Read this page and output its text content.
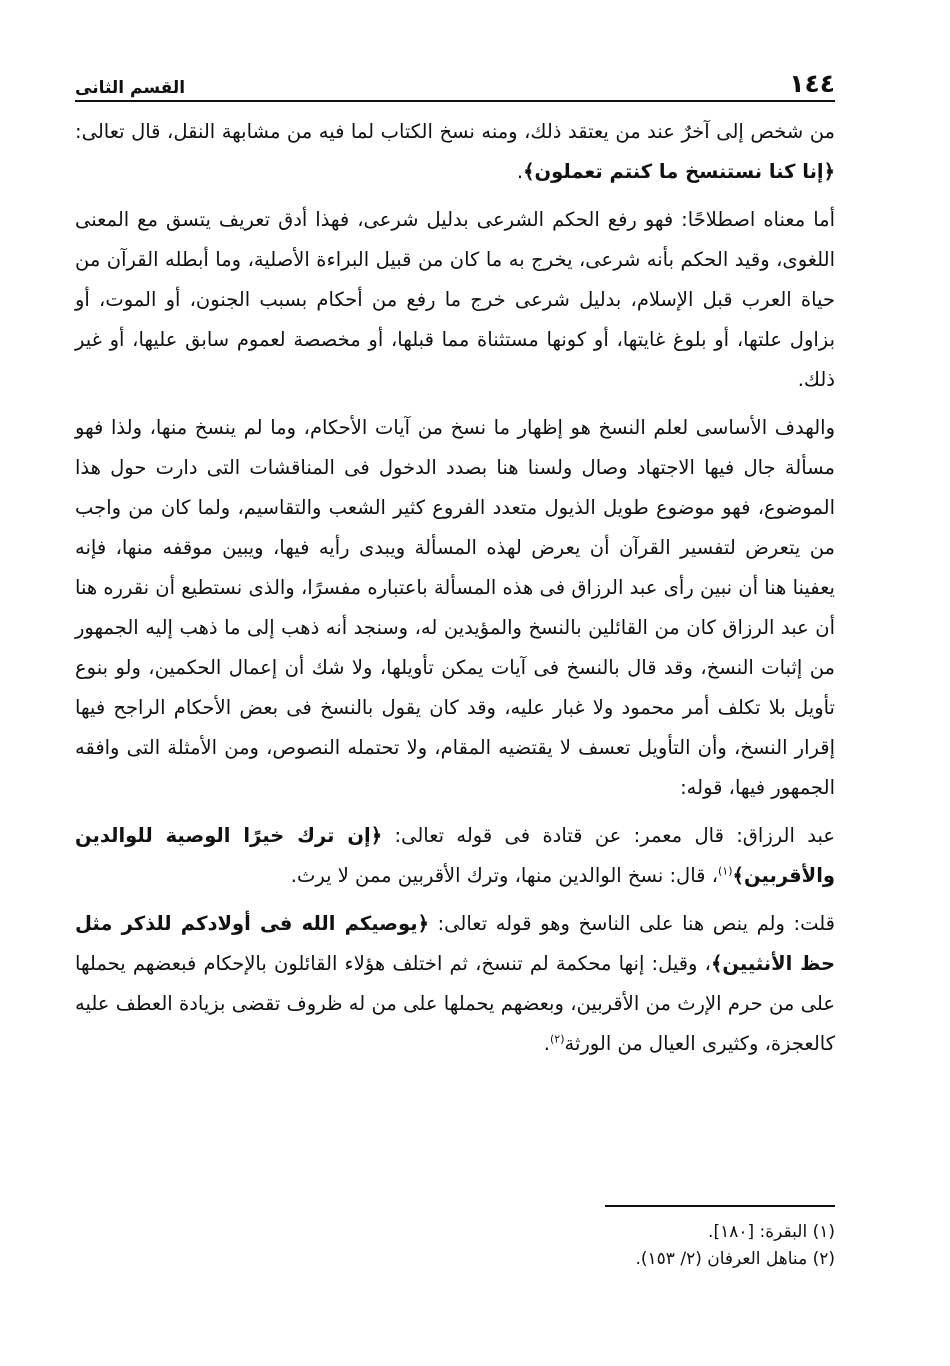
١٤٤
القسم الثانى

من شخص إلى آخرٌ عند من يعتقد ذلك، ومنه نسخ الكتاب لما فيه من مشابهة النقل، قال تعالى: ﴿إنا كنا نستنسخ ما كنتم تعملون﴾.

أما معناه اصطلاحًا: فهو رفع الحكم الشرعى بدليل شرعى، فهذا أدق تعريف يتسق مع المعنى اللغوى، وقيد الحكم بأنه شرعى، يخرج به ما كان من قبيل البراءة الأصلية، وما أبطله القرآن من حياة العرب قبل الإسلام، بدليل شرعى خرج ما رفع من أحكام بسبب الجنون، أو الموت، أو بزاول علتها، أو بلوغ غايتها، أو كونها مستثناة مما قبلها، أو مخصصة لعموم سابق عليها، أو غير ذلك.

والهدف الأساسى لعلم النسخ هو إظهار ما نسخ من آيات الأحكام، وما لم ينسخ منها، ولذا فهو مسألة جال فيها الاجتهاد وصال ولسنا هنا بصدد الدخول فى المناقشات التى دارت حول هذا الموضوع، فهو موضوع طويل الذيول متعدد الفروع كثير الشعب والتقاسيم، ولما كان من واجب من يتعرض لتفسير القرآن أن يعرض لهذه المسألة ويبدى رأيه فيها، ويبين موقفه منها، فإنه يعفينا هنا أن نبين رأى عبد الرزاق فى هذه المسألة باعتباره مفسرًا، والذى نستطيع أن نقرره هنا أن عبد الرزاق كان من القائلين بالنسخ والمؤيدين له، وسنجد أنه ذهب إلى ما ذهب إليه الجمهور من إثبات النسخ، وقد قال بالنسخ فى آيات يمكن تأويلها، ولا شك أن إعمال الحكمين، ولو بنوع تأويل بلا تكلف أمر محمود ولا غبار عليه، وقد كان يقول بالنسخ فى بعض الأحكام الراجح فيها إقرار النسخ، وأن التأويل تعسف لا يقتضيه المقام، ولا تحتمله النصوص، ومن الأمثلة التى وافقه الجمهور فيها، قوله:

عبد الرزاق: قال معمر: عن قتادة فى قوله تعالى: ﴿إن ترك خيرًا الوصية للوالدين والأقربين﴾$^{(١)}$، قال: نسخ الوالدين منها، وترك الأقربين ممن لا يرث.

قلت: ولم ينص هنا على الناسخ وهو قوله تعالى: ﴿يوصيكم الله فى أولادكم للذكر مثل حظ الأنثيين﴾، وقيل: إنها محكمة لم تنسخ، ثم اختلف هؤلاء القائلون بالإحكام فبعضهم يحملها على من حرم الإرث من الأقربين، وبعضهم يحملها على من له ظروف تقضى بزيادة العطف عليه كالعجزة، وكثيرى العيال من الورثة$^{(٢)}$.

(١) البقرة: [١٨٠].

(٢) مناهل العرفان (٢/ ١٥٣).
